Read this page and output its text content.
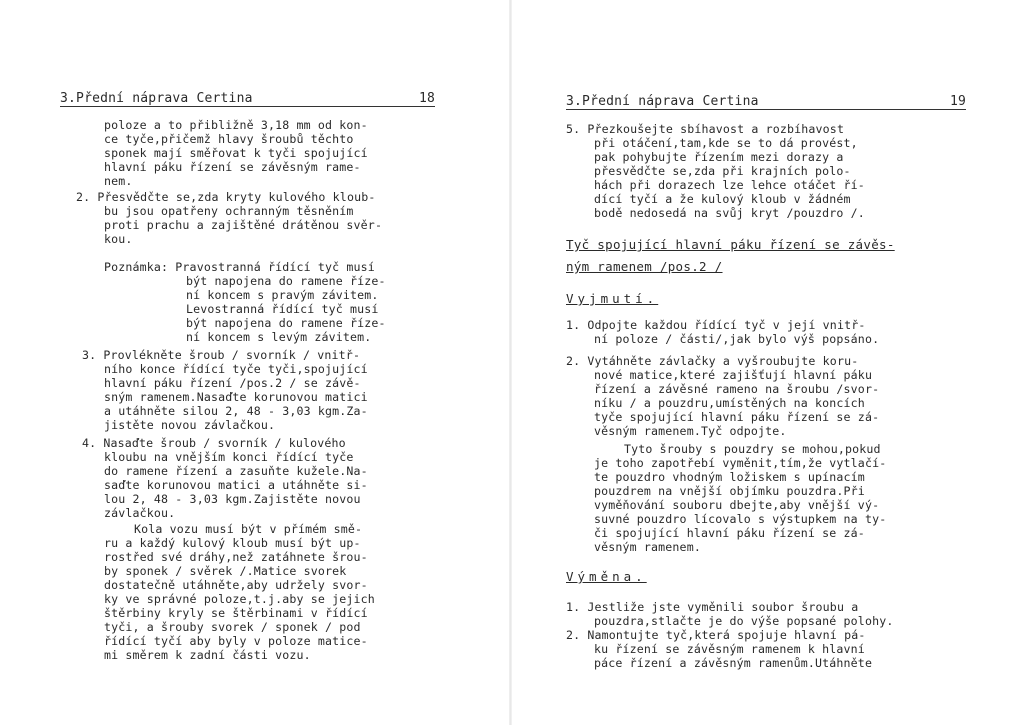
3.Přední náprava Certina	18
poloze a to přibližně 3,18 mm od kon-
ce tyče,přičemž hlavy šroubů těchto
sponek mají směřovat k tyči spojující
hlavní páku řízení se závěsným rame-
nem.
2. Přesvědčte se,zda kryty kulového kloub-
bu jsou opatřeny ochranným těsněním
proti prachu a zajištěné drátěnou svěr-
kou.
Poznámka: Pravostranná řídící tyč musí
být napojena do ramene říze-
ní koncem s pravým závitem.
Levostranná řídící tyč musí
být napojena do ramene říze-
ní koncem s levým závitem.
3. Provlékněte šroub / svorník / vnitř-
ního konce řídící tyče tyči,spojující
hlavní páku řízení /pos.2 / se závě-
sným ramenem.Nasaďte korunovou matici
a utáhněte silou 2, 48 - 3,03 kgm.Za-
jistěte novou závlačkou.
4. Nasaďte šroub / svorník / kulového
kloubu na vnějším konci řídící tyče
do ramene řízení a zasuňte kužele.Na-
saďte korunovou matici a utáhněte si-
lou 2, 48 - 3,03 kgm.Zajistěte novou
závlačkou.
Kola vozu musí být v přímém smě-
ru a každý kulový kloub musí být up-
rostřed své dráhy,než zatáhnete šrou-
by sponek / svěrek /.Matice svorek
dostatečně utáhněte,aby udržely svor-
ky ve správné poloze,t.j.aby se jejich
štěrbiny kryly se štěrbinami v řídící
tyči, a šrouby svorek / sponek / pod
řídící tyčí aby byly v poloze matice-
mi směrem k zadní části vozu.
3.Přední náprava Certina	19
5. Přezkoušejte sbíhavost a rozbíhavost
při otáčení,tam,kde se to dá provést,
pak pohybujte řízením mezi dorazy a
přesvědčte se,zda při krajních polo-
hách při dorazech lze lehce otáčet ří-
dící tyčí a že kulový kloub v žádném
bodě nedosedá na svůj kryt /pouzdro /.
Tyč spojující hlavní páku řízení se závěs-
ným ramenem /pos.2 /
Vyjmutí.
1. Odpojte každou řídící tyč v její vnitř-
ní poloze / části/,jak bylo výš popsáno.
2. Vytáhněte závlačky a vyšroubujte koru-
nové matice,které zajišťují hlavní páku
řízení a závěsné rameno na šroubu /svor-
níku / a pouzdru,umístěných na koncích
tyče spojující hlavní páku řízení se zá-
věsným ramenem.Tyč odpojte.
Tyto šrouby s pouzdry se mohou,pokud
je toho zapotřebí vyměnit,tím,že vytlačí-
te pouzdro vhodným ložiskem s upínacím
pouzdrem na vnější objímku pouzdra.Při
vyměňování souboru dbejte,aby vnější vý-
suvné pouzdro lícovalo s výstupkem na ty-
či spojující hlavní páku řízení se zá-
věsným ramenem.
Výměna.
1. Jestliže jste vyměnili soubor šroubu a
pouzdra,stlačte je do výše popsané polohy.
2. Namontujte tyč,která spojuje hlavní pá-
ku řízení se závěsným ramenem k hlavní
páce řízení a závěsným ramenům.Utáhněte
